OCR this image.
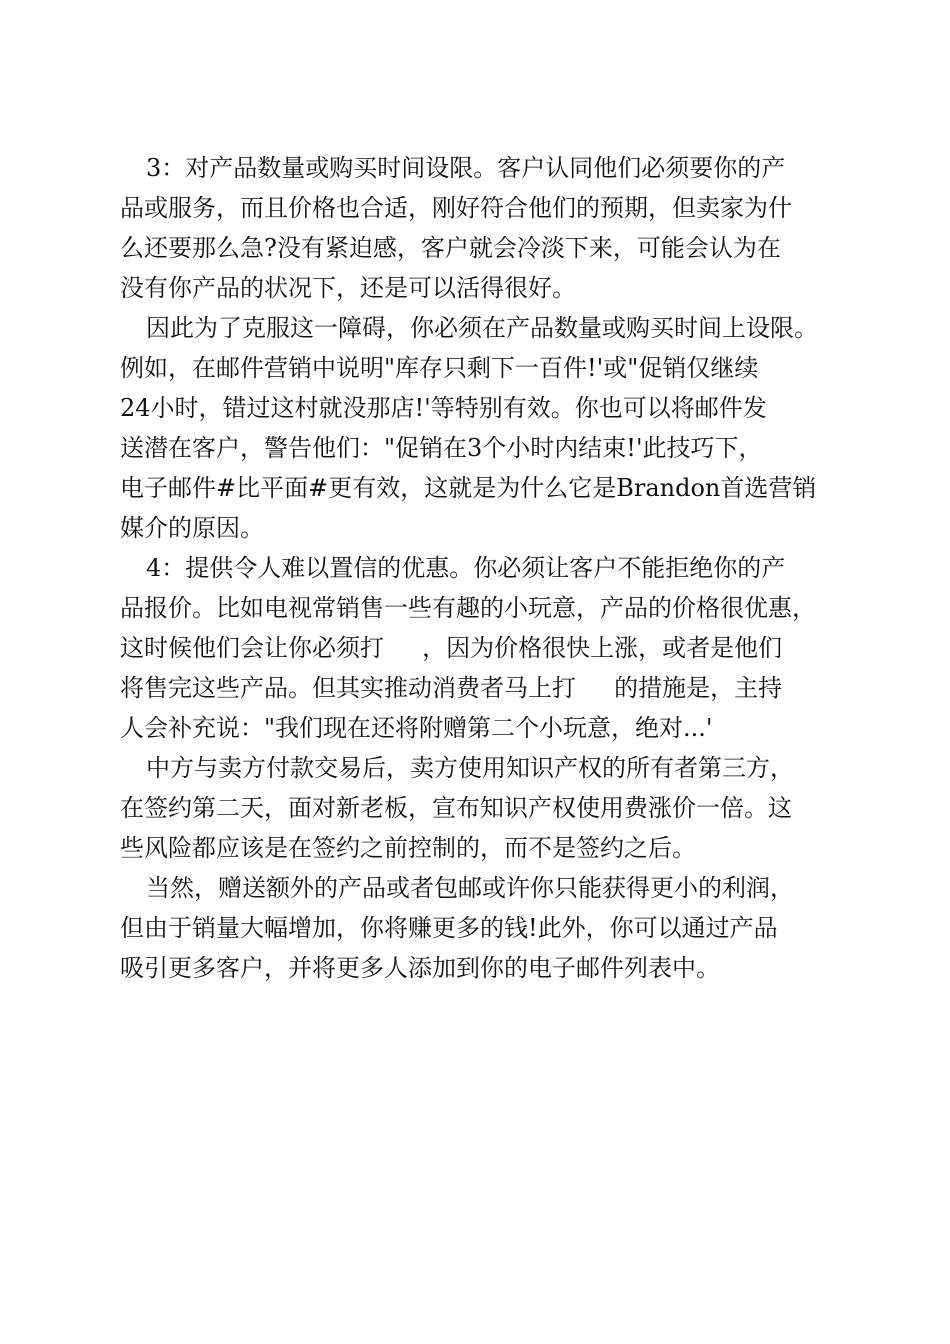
3：对产品数量或购买时间设限。客户认同他们必须要你的产
品或服务，而且价格也合适，刚好符合他们的预期，但卖家为什
么还要那么急?没有紧迫感，客户就会冷淡下来，可能会认为在
没有你产品的状况下，还是可以活得很好。
因此为了克服这一障碍，你必须在产品数量或购买时间上设限。
例如，在邮件营销中说明"库存只剩下一百件!'或"促销仅继续
24小时，错过这村就没那店!'等特别有效。你也可以将邮件发
送潜在客户，警告他们："促销在3个小时内结束!'此技巧下，
电子邮件#比平面#更有效，这就是为什么它是Brandon首选营销
媒介的原因。
4：提供令人难以置信的优惠。你必须让客户不能拒绝你的产
品报价。比如电视常销售一些有趣的小玩意，产品的价格很优惠，
这时候他们会让你必须打     ，因为价格很快上涨，或者是他们
将售完这些产品。但其实推动消费者马上打     的措施是，主持
人会补充说："我们现在还将附赠第二个小玩意，绝对...'
中方与卖方付款交易后，卖方使用知识产权的所有者第三方，
在签约第二天，面对新老板，宣布知识产权使用费涨价一倍。这
些风险都应该是在签约之前控制的，而不是签约之后。
当然，赠送额外的产品或者包邮或许你只能获得更小的利润，
但由于销量大幅增加，你将赚更多的钱!此外，你可以通过产品
吸引更多客户，并将更多人添加到你的电子邮件列表中。
